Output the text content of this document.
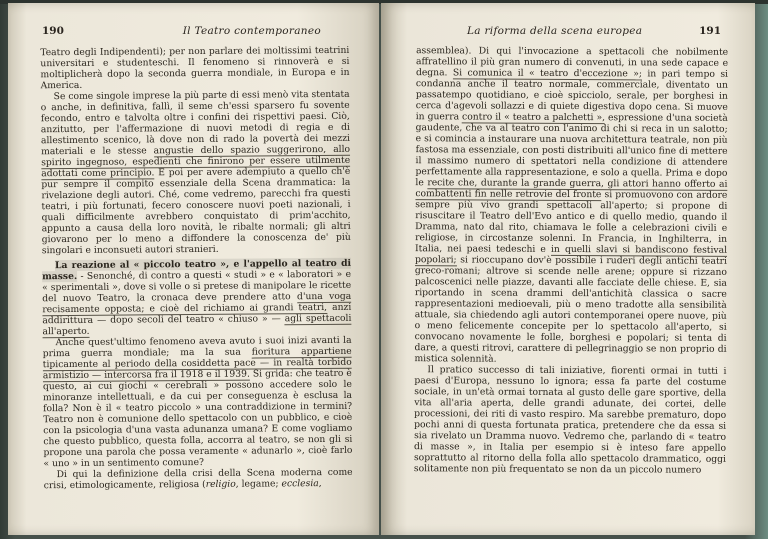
190	Il Teatro contemporaneo

Teatro degli Indipendenti); per non parlare dei moltissimi teatrini universitari e studenteschi. Il fenomeno si rinnoverà e si moltiplicherà dopo la seconda guerra mondiale, in Europa e in America.

Se come singole imprese la più parte di essi menò vita stentata o anche, in definitiva, fallì, il seme ch'essi sparsero fu sovente fecondo, entro e talvolta oltre i confini dei rispettivi paesi. Ciò, anzitutto, per l'affermazione di nuovi metodi di regia e di allestimento scenico, là dove non di rado la povertà dei mezzi materiali e le stesse angustie dello spazio suggerirono, allo spirito ingegnoso, espedienti che finirono per essere utilmente adottati come principio. E poi per avere adempiuto a quello ch'è pur sempre il compito essenziale della Scena drammatica: la rivelazione degli autori. Ché, come vedremo, parecchi fra questi teatri, i più fortunati, fecero conoscere nuovi poeti nazionali, i quali difficilmente avrebbero conquistato di prim'acchito, appunto a causa della loro novità, le ribalte normali; gli altri giovarono per lo meno a diffondere la conoscenza de' più singolari e inconsueti autori stranieri.

La reazione al « piccolo teatro », e l'appello al teatro di masse. - Senonché, di contro a questi « studi » e « laboratori » e « sperimentali », dove si volle o si pretese di manipolare le ricette del nuovo Teatro, la cronaca deve prendere atto d'una voga recisamente opposta; e cioè del richiamo ai grandi teatri, anzi addirittura — dopo secoli del teatro « chiuso » — agli spettacoli all'aperto.

Anche quest'ultimo fenomeno aveva avuto i suoi inizi avanti la prima guerra mondiale; ma la sua fioritura appartiene tipicamente al periodo della cosiddetta pace — in realtà torbido armistizio — intercorsa fra il 1918 e il 1939. Si grida: che teatro è questo, ai cui giochi « cerebrali » possono accedere solo le minoranze intellettuali, e da cui per conseguenza è esclusa la folla? Non è il « teatro piccolo » una contraddizione in termini? Teatro non è comunione dello spettacolo con un pubblico, e cioè con la psicologia d'una vasta adunanza umana? E come vogliamo che questo pubblico, questa folla, accorra al teatro, se non gli si propone una parola che possa veramente « adunarlo », cioè farlo « uno » in un sentimento comune?

Di qui la definizione della crisi della Scena moderna come crisi, etimologicamente, religiosa (religio, legame; ecclesia,

La riforma della scena europea	191

assemblea). Di qui l'invocazione a spettacoli che nobilmente affratellino il più gran numero di convenuti, in una sede capace e degna. Si comunica il « teatro d'eccezione »; in pari tempo si condanna anche il teatro normale, commerciale, diventato un passatempo quotidiano, e cioè spicciolo, serale, per borghesi in cerca d'agevoli sollazzi e di quiete digestiva dopo cena. Si muove in guerra contro il « teatro a palchetti », espressione d'una società gaudente, che va al teatro con l'animo di chi si reca in un salotto; e si comincia a instaurare una nuova architettura teatrale, non più fastosa ma essenziale, con posti distribuiti all'unico fine di mettere il massimo numero di spettatori nella condizione di attendere perfettamente alla rappresentazione, e solo a quella. Prima e dopo le recite che, durante la grande guerra, gli attori hanno offerto ai combattenti fin nelle retrovie del fronte si promuovono con ardore sempre più vivo grandi spettacoli all'aperto; si propone di risuscitare il Teatro dell'Evo antico e di quello medio, quando il Dramma, nato dal rito, chiamava le folle a celebrazioni civili e religiose, in circostanze solenni. In Francia, in Inghilterra, in Italia, nei paesi tedeschi e in quelli slavi si bandiscono festival popolari; si rioccupano dov'è possibile i ruderi degli antichi teatri greco-romani; altrove si scende nelle arene; oppure si rizzano palcoscenici nelle piazze, davanti alle facciate delle chiese. E, sia riportando in scena drammi dell'antichità classica o sacre rappresentazioni medioevali, più o meno tradotte alla sensibilità attuale, sia chiedendo agli autori contemporanei opere nuove, più o meno felicemente concepite per lo spettacolo all'aperto, si convocano novamente le folle, borghesi e popolari; si tenta di dare, a questi ritrovi, carattere di pellegrinaggio se non proprio di mistica solennità.

Il pratico successo di tali iniziative, fiorenti ormai in tutti i paesi d'Europa, nessuno lo ignora; essa fa parte del costume sociale, in un'età ormai tornata al gusto delle gare sportive, della vita all'aria aperta, delle grandi adunate, dei cortei, delle processioni, dei riti di vasto respiro. Ma sarebbe prematuro, dopo pochi anni di questa fortunata pratica, pretendere che da essa si sia rivelato un Dramma nuovo. Vedremo che, parlando di « teatro di masse », in Italia per esempio si è inteso fare appello soprattutto al ritorno della folla allo spettacolo drammatico, oggi solitamente non più frequentato se non da un piccolo numero
